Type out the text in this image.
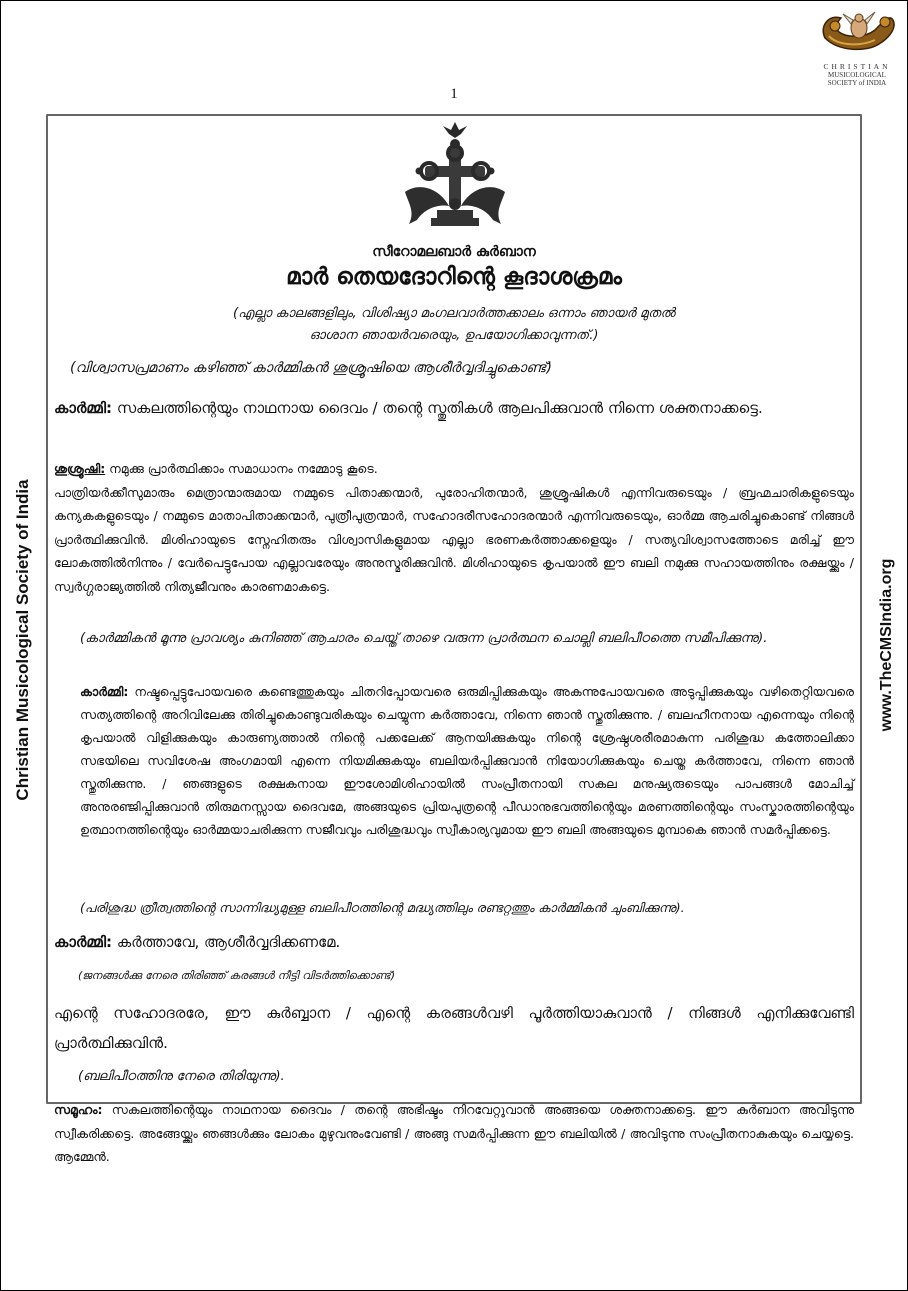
Christian Musicological Society of India	www.TheCMSIndia.org
CHRISTIAN
MUSICOLOGICAL
SOCIETY of INDIA
1
സീറോമലബാർ കുർബാന
മാർ തെയദോറിന്റെ കൂദാശക്രമം
(എല്ലാ കാലങ്ങളിലും, വിശിഷ്യാ മംഗലവാർത്തക്കാലം ഒന്നാം ഞായർ മുതൽ
ഓശാന ഞായർവരെയും, ഉപയോഗിക്കാവുന്നത്.)
(വിശ്വാസപ്രമാണം കഴിഞ്ഞ് കാർമ്മികൻ ശുശ്രൂഷിയെ ആശീർവ്വദിച്ചുകൊണ്ട്)
കാർമ്മി: സകലത്തിന്റെയും നാഥനായ ദൈവം / തന്റെ സ്തുതികൾ ആലപിക്കുവാൻ നിന്നെ ശക്തനാക്കട്ടെ.
ശുശ്രൂഷി: നമുക്കു പ്രാർത്ഥിക്കാം സമാധാനം നമ്മോടു കൂടെ.
പാത്രിയർക്കീസുമാരും മെത്രാന്മാരുമായ നമ്മുടെ പിതാക്കന്മാർ, പുരോഹിതന്മാർ, ശുശ്രൂഷികൾ എന്നിവരുടെയും / ബ്രഹ്മചാരികളുടെയും കന്യകകളുടെയും / നമ്മുടെ മാതാപിതാക്കന്മാർ, പുത്രീപുത്രന്മാർ, സഹോദരീസഹോദരന്മാർ എന്നിവരുടെയും, ഓർമ്മ ആചരിച്ചുകൊണ്ട് നിങ്ങൾ പ്രാർത്ഥിക്കുവിൻ. മിശിഹായുടെ സ്നേഹിതരും വിശ്വാസികളുമായ എല്ലാ ഭരണകർത്താക്കളെയും / സത്യവിശ്വാസത്തോടെ മരിച്ച് ഈ ലോകത്തിൽനിന്നും / വേർപെട്ടുപോയ എല്ലാവരേയും അനുസ്മരിക്കുവിൻ. മിശിഹായുടെ കൃപയാൽ ഈ ബലി നമുക്കു സഹായത്തിനും രക്ഷയ്ക്കും / സ്വർഗ്ഗരാജ്യത്തിൽ നിത്യജീവനും കാരണമാകട്ടെ.
(കാർമ്മികൻ മൂന്നു പ്രാവശ്യം കുനിഞ്ഞ് ആചാരം ചെയ്ത് താഴെ വരുന്ന പ്രാർത്ഥന ചൊല്ലി ബലിപീഠത്തെ സമീപിക്കുന്നു).
കാർമ്മി: നഷ്ടപ്പെട്ടുപോയവരെ കണ്ടെത്തുകയും ചിതറിപ്പോയവരെ ഒരുമിപ്പിക്കുകയും അകന്നുപോയവരെ അടുപ്പിക്കുകയും വഴിതെറ്റിയവരെ സത്യത്തിന്റെ അറിവിലേക്കു തിരിച്ചുകൊണ്ടുവരികയും ചെയ്യുന്ന കർത്താവേ, നിന്നെ ഞാൻ സ്തുതിക്കുന്നു. / ബലഹീനനായ എന്നെയും നിന്റെ കൃപയാൽ വിളിക്കുകയും കാരുണ്യത്താൽ നിന്റെ പക്കലേക്ക് ആനയിക്കുകയും നിന്റെ ശ്രേഷ്ഠശരീരമാകുന്ന പരിശുദ്ധ കത്തോലിക്കാ സഭയിലെ സവിശേഷ അംഗമായി എന്നെ നിയമിക്കുകയും ബലിയർപ്പിക്കുവാൻ നിയോഗിക്കുകയും ചെയ്ത കർത്താവേ, നിന്നെ ഞാൻ സ്തുതിക്കുന്നു. / ഞങ്ങളുടെ രക്ഷകനായ ഈശോമിശിഹായിൽ സംപ്രീതനായി സകല മനുഷ്യരുടെയും പാപങ്ങൾ മോചിച്ച് അനുരഞ്ജിപ്പിക്കുവാൻ തിരുമനസ്സായ ദൈവമേ, അങ്ങയുടെ പ്രിയപുത്രന്റെ പീഡാനുഭവത്തിന്റെയും മരണത്തിന്റെയും സംസ്കാരത്തിന്റെയും ഉത്ഥാനത്തിന്റെയും ഓർമ്മയാചരിക്കുന്ന സജീവവും പരിശുദ്ധവും സ്വീകാര്യവുമായ ഈ ബലി അങ്ങയുടെ മുമ്പാകെ ഞാൻ സമർപ്പിക്കട്ടെ.
(പരിശുദ്ധ ത്രീത്വത്തിന്റെ സാന്നിദ്ധ്യമുള്ള ബലിപീഠത്തിന്റെ മദ്ധ്യത്തിലും രണ്ടറ്റത്തും കാർമ്മികൻ ചുംബിക്കുന്നു).
കാർമ്മി: കർത്താവേ, ആശീർവ്വദിക്കണമേ.
(ജനങ്ങൾക്കു നേരെ തിരിഞ്ഞ് കരങ്ങൾ നീട്ടി വിടർത്തിക്കൊണ്ട്)
എന്റെ സഹോദരരേ, ഈ കുർബ്ബാന / എന്റെ കരങ്ങൾവഴി പൂർത്തിയാകുവാൻ / നിങ്ങൾ എനിക്കുവേണ്ടി പ്രാർത്ഥിക്കുവിൻ.
(ബലിപീഠത്തിനു നേരെ തിരിയുന്നു).
സമൂഹം: സകലത്തിന്റെയും നാഥനായ ദൈവം / തന്റെ അഭിഷ്ടം നിറവേറ്റുവാൻ അങ്ങയെ ശക്തനാക്കട്ടെ. ഈ കുർബാന അവിടുന്നു സ്വീകരിക്കട്ടെ. അങ്ങേയ്ക്കും ഞങ്ങൾക്കും ലോകം മുഴുവനുംവേണ്ടി / അങ്ങു സമർപ്പിക്കുന്ന ഈ ബലിയിൽ / അവിടുന്നു സംപ്രീതനാകുകയും ചെയ്യട്ടെ. ആമ്മേൻ.
